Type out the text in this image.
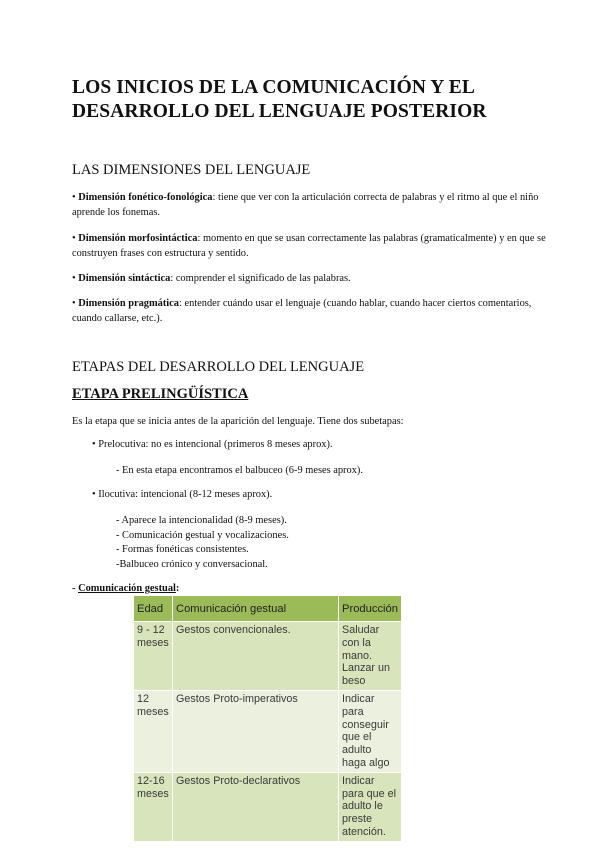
LOS INICIOS DE LA COMUNICACIÓN Y EL DESARROLLO DEL LENGUAJE POSTERIOR
LAS DIMENSIONES DEL LENGUAJE
• Dimensión fonético-fonológica: tiene que ver con la articulación correcta de palabras y el ritmo al que el niño aprende los fonemas.
• Dimensión morfosintáctica: momento en que se usan correctamente las palabras (gramaticalmente) y en que se construyen frases con estructura y sentido.
• Dimensión sintáctica: comprender el significado de las palabras.
• Dimensión pragmática: entender cuándo usar el lenguaje (cuando hablar, cuando hacer ciertos comentarios, cuando callarse, etc.).
ETAPAS DEL DESARROLLO DEL LENGUAJE
ETAPA PRELINGÜÍSTICA
Es la etapa que se inicia antes de la aparición del lenguaje. Tiene dos subetapas:
• Prelocutiva: no es intencional (primeros 8 meses aprox).
- En esta etapa encontramos el balbuceo (6-9 meses aprox).
• Ilocutiva: intencional (8-12 meses aprox).
- Aparece la intencionalidad (8-9 meses).
- Comunicación gestual y vocalizaciones.
- Formas fonéticas consistentes.
-Balbuceo crónico y conversacional.
- Comunicación gestual:
Edad	Comunicación gestual	Producción
9 - 12 meses	Gestos convencionales.	Saludar con la mano. Lanzar un beso
12 meses	Gestos Proto-imperativos	Indicar para conseguir que el adulto haga algo
12-16 meses	Gestos Proto-declarativos	Indicar para que el adulto le preste atención.
